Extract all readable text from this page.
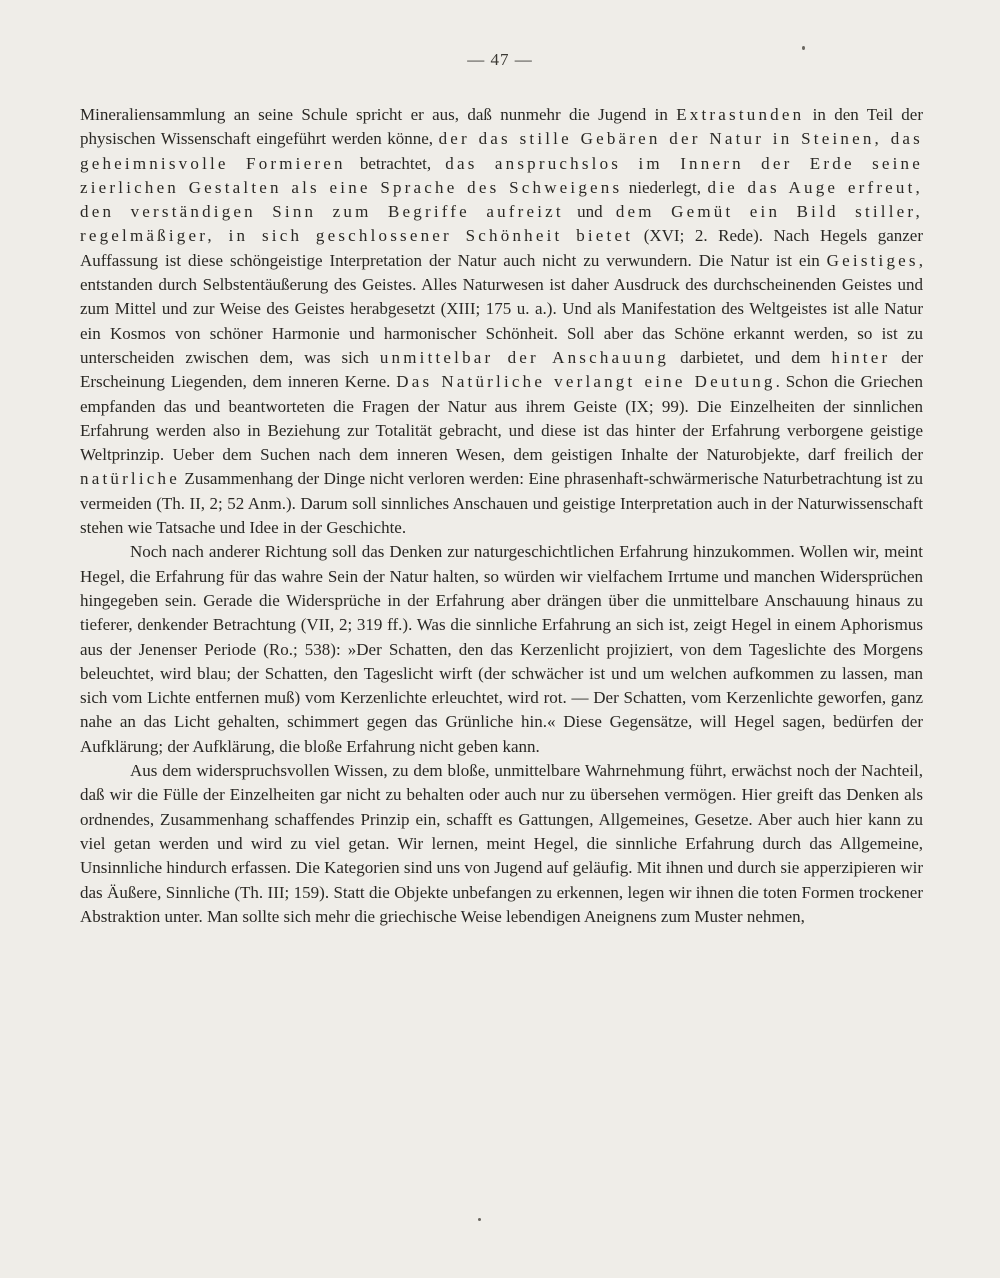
— 47 —

Mineraliensammlung an seine Schule spricht er aus, daß nunmehr die Jugend in Extrastunden in den Teil der physischen Wissenschaft eingeführt werden könne, der das stille Gebären der Natur in Steinen, das geheimnisvolle Formieren betrachtet, das anspruchslos im Innern der Erde seine zierlichen Gestalten als eine Sprache des Schweigens niederlegt, die das Auge erfreut, den verständigen Sinn zum Begriffe aufreizt und dem Gemüt ein Bild stiller, regelmäßiger, in sich geschlossener Schönheit bietet (XVI; 2. Rede). Nach Hegels ganzer Auffassung ist diese schöngeistige Interpretation der Natur auch nicht zu verwundern. Die Natur ist ein Geistiges, entstanden durch Selbstentäußerung des Geistes. Alles Naturwesen ist daher Ausdruck des durchscheinenden Geistes und zum Mittel und zur Weise des Geistes herabgesetzt (XIII; 175 u. a.). Und als Manifestation des Weltgeistes ist alle Natur ein Kosmos von schöner Harmonie und harmonischer Schönheit. Soll aber das Schöne erkannt werden, so ist zu unterscheiden zwischen dem, was sich unmittelbar der Anschauung darbietet, und dem hinter der Erscheinung Liegenden, dem inneren Kerne. Das Natürliche verlangt eine Deutung. Schon die Griechen empfanden das und beantworteten die Fragen der Natur aus ihrem Geiste (IX; 99). Die Einzelheiten der sinnlichen Erfahrung werden also in Beziehung zur Totalität gebracht, und diese ist das hinter der Erfahrung verborgene geistige Weltprinzip. Ueber dem Suchen nach dem inneren Wesen, dem geistigen Inhalte der Naturobjekte, darf freilich der natürliche Zusammenhang der Dinge nicht verloren werden: Eine phrasenhaft-schwärmerische Naturbetrachtung ist zu vermeiden (Th. II, 2; 52 Anm.). Darum soll sinnliches Anschauen und geistige Interpretation auch in der Naturwissenschaft stehen wie Tatsache und Idee in der Geschichte.

Noch nach anderer Richtung soll das Denken zur naturgeschichtlichen Erfahrung hinzukommen. Wollen wir, meint Hegel, die Erfahrung für das wahre Sein der Natur halten, so würden wir vielfachem Irrtume und manchen Widersprüchen hingegeben sein. Gerade die Widersprüche in der Erfahrung aber drängen über die unmittelbare Anschauung hinaus zu tieferer, denkender Betrachtung (VII, 2; 319 ff.). Was die sinnliche Erfahrung an sich ist, zeigt Hegel in einem Aphorismus aus der Jenenser Periode (Ro.; 538): »Der Schatten, den das Kerzenlicht projiziert, von dem Tageslichte des Morgens beleuchtet, wird blau; der Schatten, den Tageslicht wirft (der schwächer ist und um welchen aufkommen zu lassen, man sich vom Lichte entfernen muß) vom Kerzenlichte erleuchtet, wird rot. — Der Schatten, vom Kerzenlichte geworfen, ganz nahe an das Licht gehalten, schimmert gegen das Grünliche hin.« Diese Gegensätze, will Hegel sagen, bedürfen der Aufklärung; der Aufklärung, die bloße Erfahrung nicht geben kann.

Aus dem widerspruchsvollen Wissen, zu dem bloße, unmittelbare Wahrnehmung führt, erwächst noch der Nachteil, daß wir die Fülle der Einzelheiten gar nicht zu behalten oder auch nur zu übersehen vermögen. Hier greift das Denken als ordnendes, Zusammenhang schaffendes Prinzip ein, schafft es Gattungen, Allgemeines, Gesetze. Aber auch hier kann zu viel getan werden und wird zu viel getan. Wir lernen, meint Hegel, die sinnliche Erfahrung durch das Allgemeine, Unsinnliche hindurch erfassen. Die Kategorien sind uns von Jugend auf geläufig. Mit ihnen und durch sie apperzipieren wir das Äußere, Sinnliche (Th. III; 159). Statt die Objekte unbefangen zu erkennen, legen wir ihnen die toten Formen trockener Abstraktion unter. Man sollte sich mehr die griechische Weise lebendigen Aneignens zum Muster nehmen,
